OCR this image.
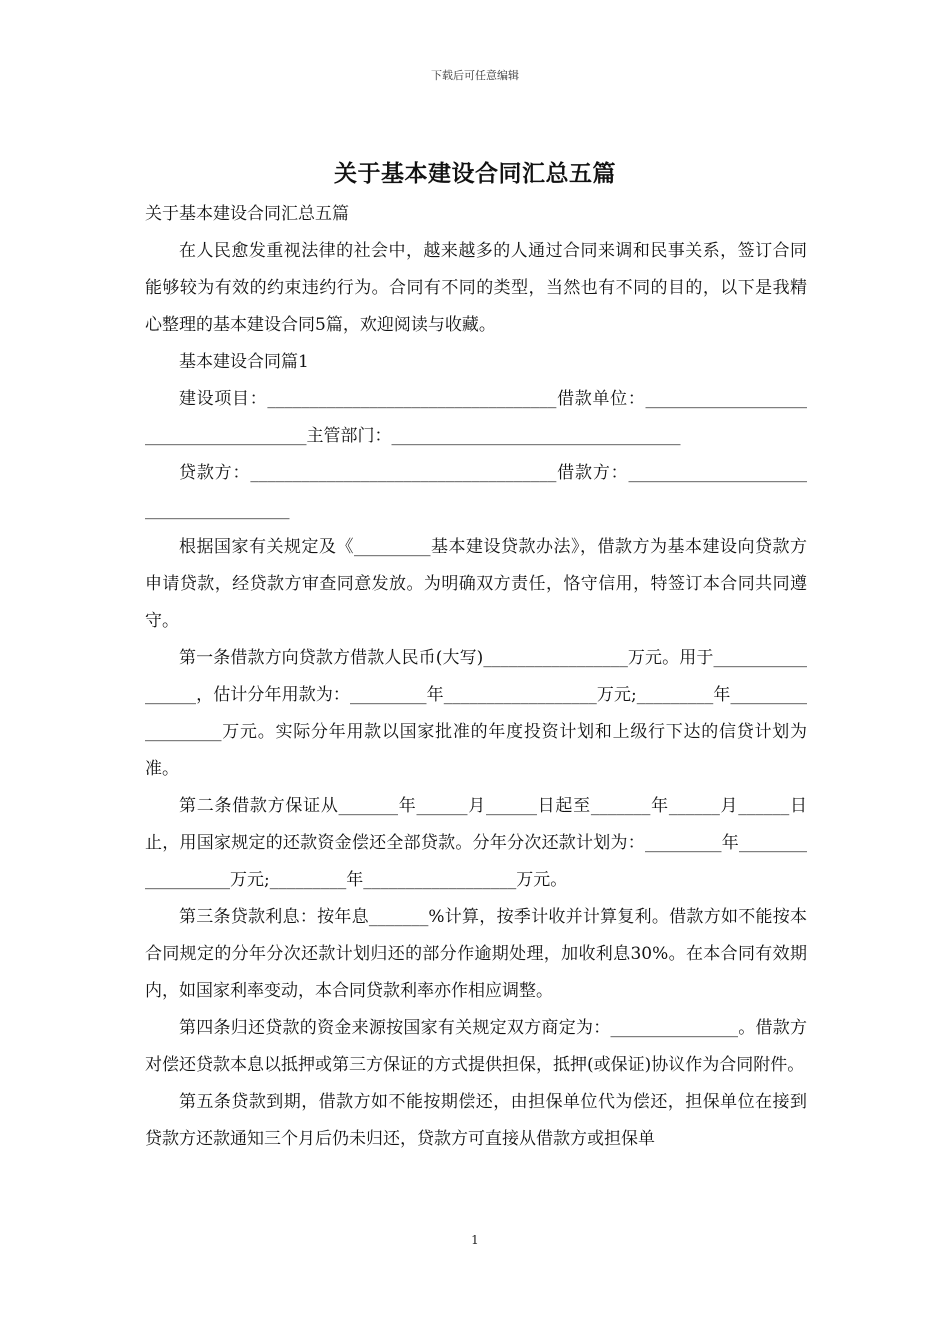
下载后可任意编辑
关于基本建设合同汇总五篇

关于基本建设合同汇总五篇

在人民愈发重视法律的社会中，越来越多的人通过合同来调和民事关系，签订合同能够较为有效的约束违约行为。合同有不同的类型，当然也有不同的目的，以下是我精心整理的基本建设合同5篇，欢迎阅读与收藏。

基本建设合同篇1

建设项目：__________________________________借款单位：______________________________________主管部门：__________________________________

贷款方：____________________________________借款方：______________________________________

根据国家有关规定及《_________基本建设贷款办法》，借款方为基本建设向贷款方申请贷款，经贷款方审查同意发放。为明确双方责任，恪守信用，特签订本合同共同遵守。

第一条借款方向贷款方借款人民币(大写)_________________万元。用于_________________，估计分年用款为：_________年__________________万元;_________年__________________万元。实际分年用款以国家批准的年度投资计划和上级行下达的信贷计划为准。

第二条借款方保证从_______年______月______日起至_______年______月______日止，用国家规定的还款资金偿还全部贷款。分年分次还款计划为：_________年__________________万元;_________年__________________万元。

第三条贷款利息：按年息_______%计算，按季计收并计算复利。借款方如不能按本合同规定的分年分次还款计划归还的部分作逾期处理，加收利息30%。在本合同有效期内，如国家利率变动，本合同贷款利率亦作相应调整。

第四条归还贷款的资金来源按国家有关规定双方商定为：_______________。借款方对偿还贷款本息以抵押或第三方保证的方式提供担保，抵押(或保证)协议作为合同附件。

第五条贷款到期，借款方如不能按期偿还，由担保单位代为偿还，担保单位在接到贷款方还款通知三个月后仍未归还，贷款方可直接从借款方或担保单

1
